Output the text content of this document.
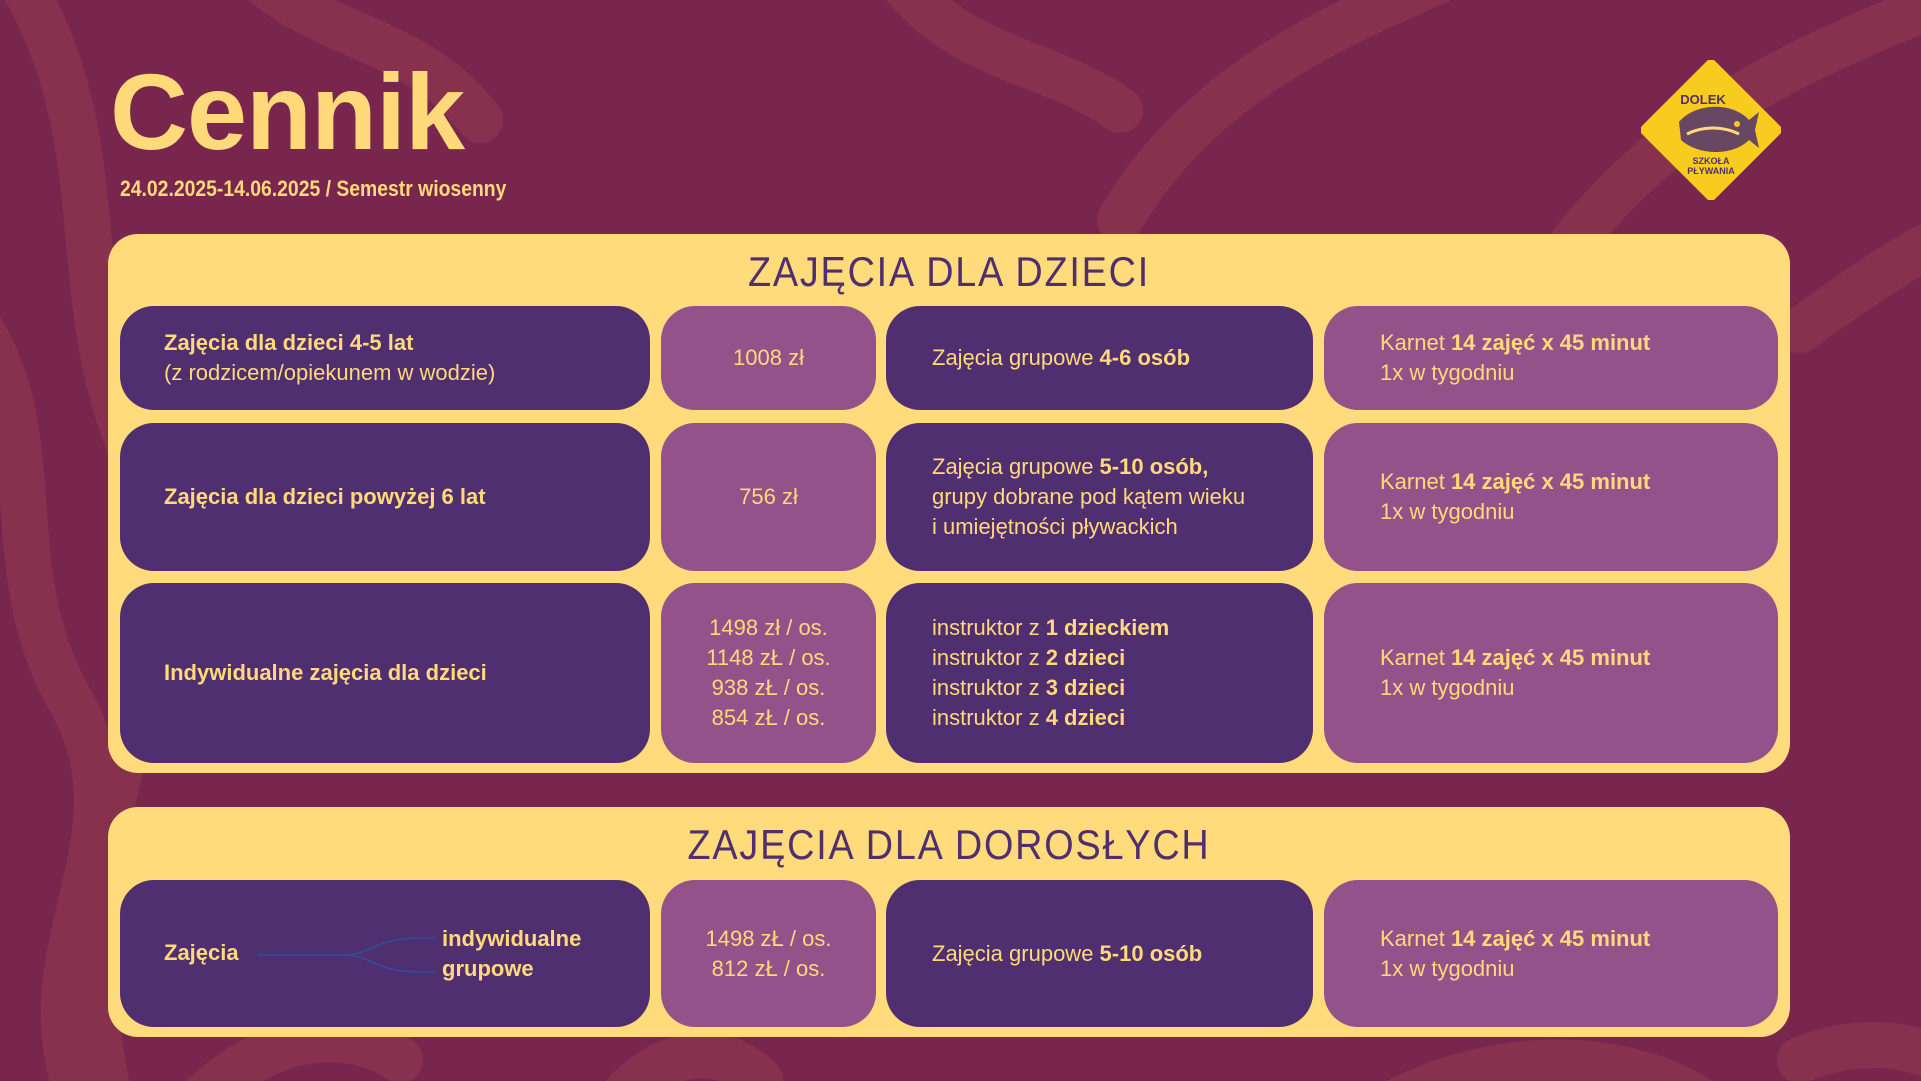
Cennik
24.02.2025-14.06.2025 / Semestr wiosenny
DOLEK
SZKOŁA
PŁYWANIA
ZAJĘCIA DLA DZIECI
Zajęcia dla dzieci 4-5 lat
(z rodzicem/opiekunem w wodzie)
1008 zł	Zajęcia grupowe 4-6 osób
Karnet 14 zajęć x 45 minut
1x w tygodniu
Zajęcia dla dzieci powyżej 6 lat	756 zł
Zajęcia grupowe 5-10 osób,
grupy dobrane pod kątem wieku
i umiejętności pływackich
Karnet 14 zajęć x 45 minut
1x w tygodniu
Indywidualne zajęcia dla dzieci
1498 zł / os.
1148 zŁ / os.
938 zŁ / os.
854 zŁ / os.
instruktor z 1 dzieckiem
instruktor z 2 dzieci
instruktor z 3 dzieci
instruktor z 4 dzieci
Karnet 14 zajęć x 45 minut
1x w tygodniu
ZAJĘCIA DLA DOROSŁYCH
Zajęcia
indywidualne
grupowe
1498 zŁ / os.
812 zŁ / os.
Zajęcia grupowe 5-10 osób
Karnet 14 zajęć x 45 minut
1x w tygodniu
